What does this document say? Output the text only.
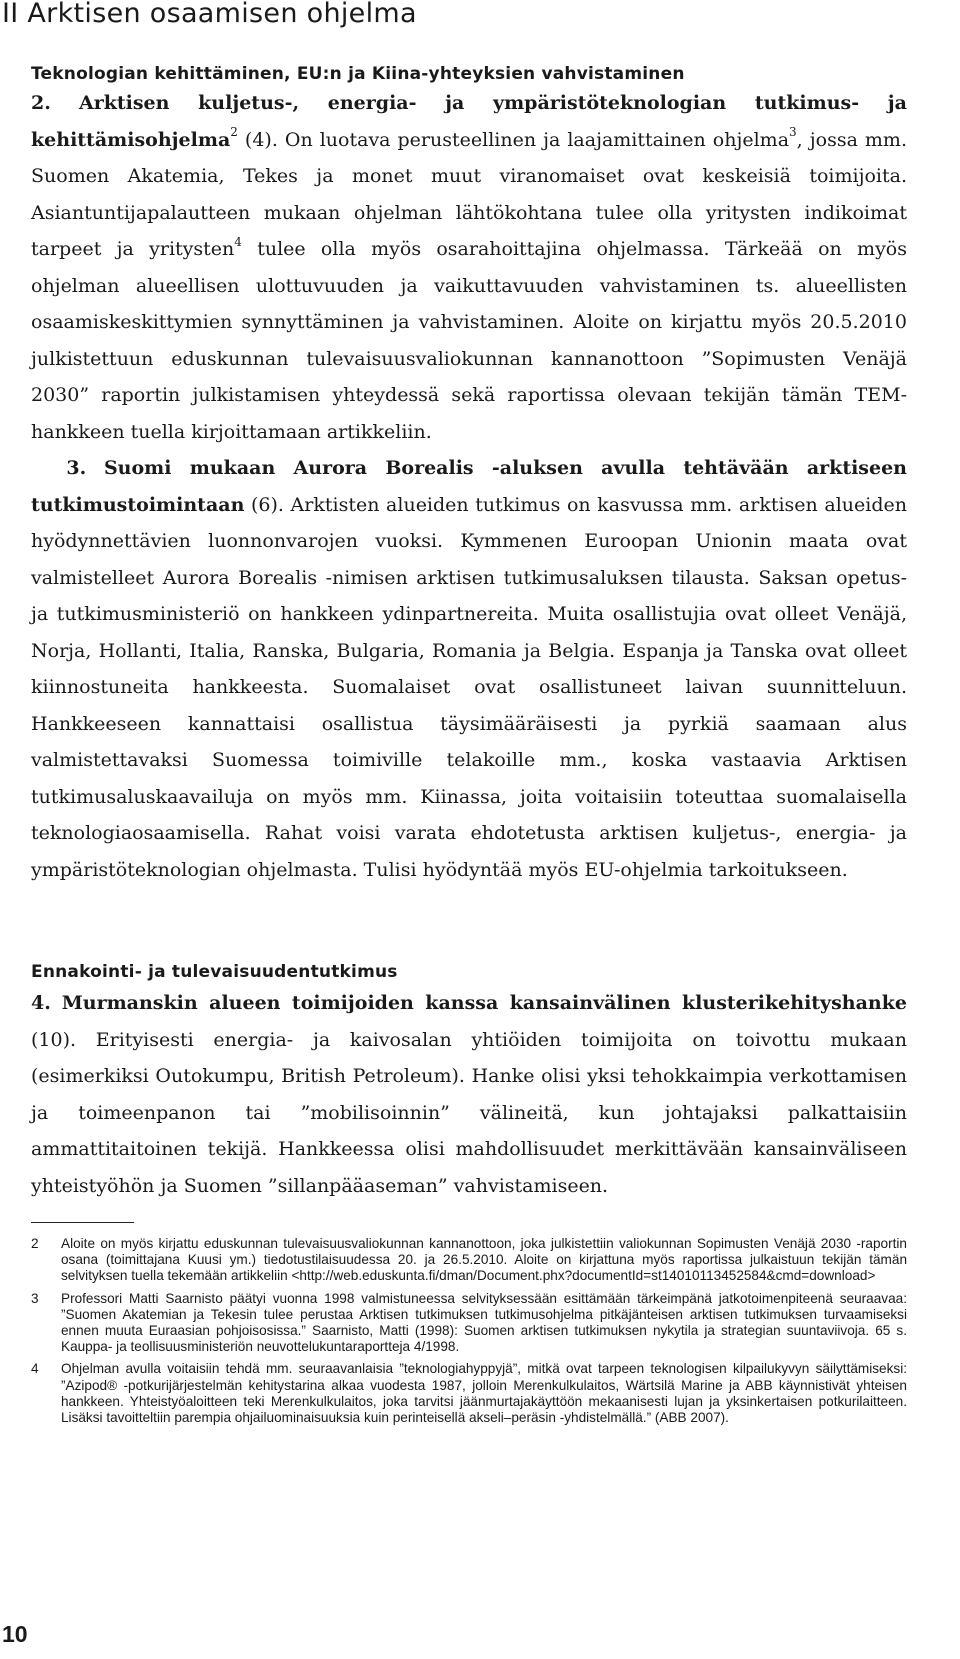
II Arktisen osaamisen ohjelma
Teknologian kehittäminen, EU:n ja Kiina-yhteyksien vahvistaminen

2. Arktisen kuljetus-, energia- ja ympäristöteknologian tutkimus- ja kehittämisohjelma$^2$ (4). On luotava perusteellinen ja laajamittainen ohjelma$^3$, jossa mm. Suomen Akatemia, Tekes ja monet muut viranomaiset ovat keskeisiä toimijoita. Asiantuntijapalautteen mukaan ohjelman lähtökohtana tulee olla yritysten indikoimat tarpeet ja yritysten$^4$ tulee olla myös osarahoittajina ohjelmassa. Tärkeää on myös ohjelman alueellisen ulottuvuuden ja vaikuttavuuden vahvistaminen ts. alueellisten osaamiskeskittymien synnyttäminen ja vahvistaminen. Aloite on kirjattu myös 20.5.2010 julkistettuun eduskunnan tulevaisuusvaliokunnan kannanottoon ”Sopimusten Venäjä 2030” raportin julkistamisen yhteydessä sekä raportissa olevaan tekijän tämän TEM-hankkeen tuella kirjoittamaan artikkeliin.

3. Suomi mukaan Aurora Borealis -aluksen avulla tehtävään arktiseen tutkimustoimintaan (6). Arktisten alueiden tutkimus on kasvussa mm. arktisen alueiden hyödynnettävien luonnonvarojen vuoksi. Kymmenen Euroopan Unionin maata ovat valmistelleet Aurora Borealis -nimisen arktisen tutkimusaluksen tilausta. Saksan opetus- ja tutkimusministeriö on hankkeen ydinpartnereita. Muita osallistujia ovat olleet Venäjä, Norja, Hollanti, Italia, Ranska, Bulgaria, Romania ja Belgia. Espanja ja Tanska ovat olleet kiinnostuneita hankkeesta. Suomalaiset ovat osallistuneet laivan suunnitteluun. Hankkeeseen kannattaisi osallistua täysimääräisesti ja pyrkiä saamaan alus valmistettavaksi Suomessa toimiville telakoille mm., koska vastaavia Arktisen tutkimusaluskaavailuja on myös mm. Kiinassa, joita voitaisiin toteuttaa suomalaisella teknologiaosaamisella. Rahat voisi varata ehdotetusta arktisen kuljetus-, energia- ja ympäristöteknologian ohjelmasta. Tulisi hyödyntää myös EU-ohjelmia tarkoitukseen.

Ennakointi- ja tulevaisuudentutkimus

4. Murmanskin alueen toimijoiden kanssa kansainvälinen klusterikehityshanke (10). Erityisesti energia- ja kaivosalan yhtiöiden toimijoita on toivottu mukaan (esimerkiksi Outokumpu, British Petroleum). Hanke olisi yksi tehokkaimpia verkottamisen ja toimeenpanon tai ”mobilisoinnin” välineitä, kun johtajaksi palkattaisiin ammattitaitoinen tekijä. Hankkeessa olisi mahdollisuudet merkittävään kansainväliseen yhteistyöhön ja Suomen ”sillanpääaseman” vahvistamiseen.

2	Aloite on myös kirjattu eduskunnan tulevaisuusvaliokunnan kannanottoon, joka julkistettiin valiokunnan Sopimusten Venäjä 2030 -raportin osana (toimittajana Kuusi ym.) tiedotustilaisuudessa 20. ja 26.5.2010. Aloite on kirjattuna myös raportissa julkaistuun tekijän tämän selvityksen tuella tekemään artikkeliin <http://web.eduskunta.fi/dman/Document.phx?documentId=st14010113452584&cmd=download>
3	Professori Matti Saarnisto päätyi vuonna 1998 valmistuneessa selvityksessään esittämään tärkeimpänä jatkotoimenpiteenä seuraavaa: ”Suomen Akatemian ja Tekesin tulee perustaa Arktisen tutkimuksen tutkimusohjelma pitkäjänteisen arktisen tutkimuksen turvaamiseksi ennen muuta Euraasian pohjoisosissa.” Saarnisto, Matti (1998): Suomen arktisen tutkimuksen nykytila ja strategian suuntaviivoja. 65 s. Kauppa- ja teollisuusministeriön neuvottelukuntaraportteja 4/1998.
4	Ohjelman avulla voitaisiin tehdä mm. seuraavanlaisia ”teknologiahyppyjä”, mitkä ovat tarpeen teknologisen kilpailukyvyn säilyttämiseksi: ”Azipod® -potkurijärjestelmän kehitystarina alkaa vuodesta 1987, jolloin Merenkulkulaitos, Wärtsilä Marine ja ABB käynnistivät yhteisen hankkeen. Yhteistyöaloitteen teki Merenkulkulaitos, joka tarvitsi jäänmurtajakäyttöön mekaanisesti lujan ja yksinkertaisen potkurilaitteen. Lisäksi tavoitteltiin parempia ohjailuominaisuuksia kuin perinteisellä akseli–peräsin -yhdistelmällä.” (ABB 2007).
10
